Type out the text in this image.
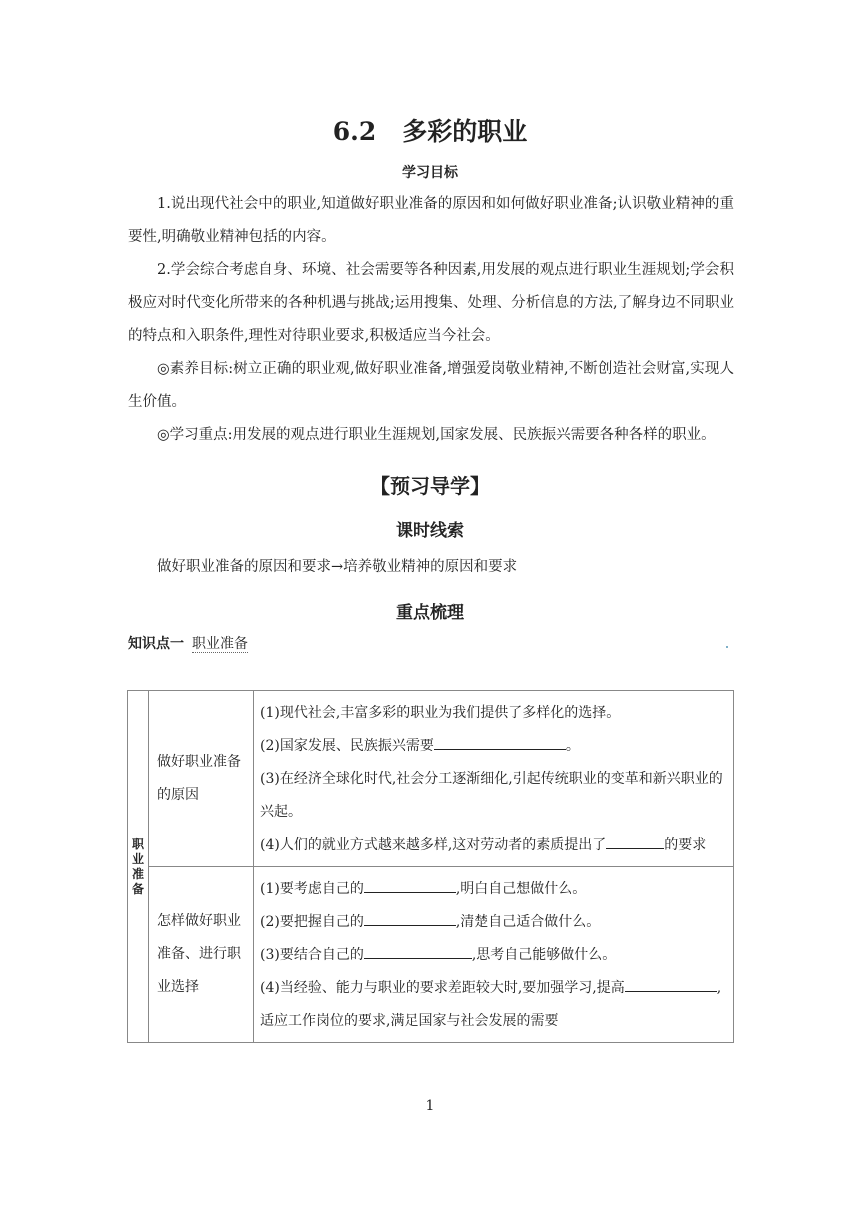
6.2 多彩的职业
学习目标
1.说出现代社会中的职业,知道做好职业准备的原因和如何做好职业准备;认识敬业精神的重要性,明确敬业精神包括的内容。
2.学会综合考虑自身、环境、社会需要等各种因素,用发展的观点进行职业生涯规划;学会积极应对时代变化所带来的各种机遇与挑战;运用搜集、处理、分析信息的方法,了解身边不同职业的特点和入职条件,理性对待职业要求,积极适应当今社会。
◎素养目标:树立正确的职业观,做好职业准备,增强爱岗敬业精神,不断创造社会财富,实现人生价值。
◎学习重点:用发展的观点进行职业生涯规划,国家发展、民族振兴需要各种各样的职业。
【预习导学】
课时线索
做好职业准备的原因和要求→培养敬业精神的原因和要求
重点梳理
知识点一 职业准备
职业准备	做好职业准备的原因	(1)现代社会,丰富多彩的职业为我们提供了多样化的选择。

(2)国家发展、民族振兴需要 。

(3)在经济全球化时代,社会分工逐渐细化,引起传统职业的变革和新兴职业的兴起。

(4)人们的就业方式越来越多样,这对劳动者的素质提出了 的要求

	怎样做好职业准备、进行职业选择	(1)要考虑自己的 ,明白自己想做什么。

(2)要把握自己的 ,清楚自己适合做什么。

(3)要结合自己的 ,思考自己能够做什么。

(4)当经验、能力与职业的要求差距较大时,要加强学习,提高 ,适应工作岗位的要求,满足国家与社会发展的需要

1
